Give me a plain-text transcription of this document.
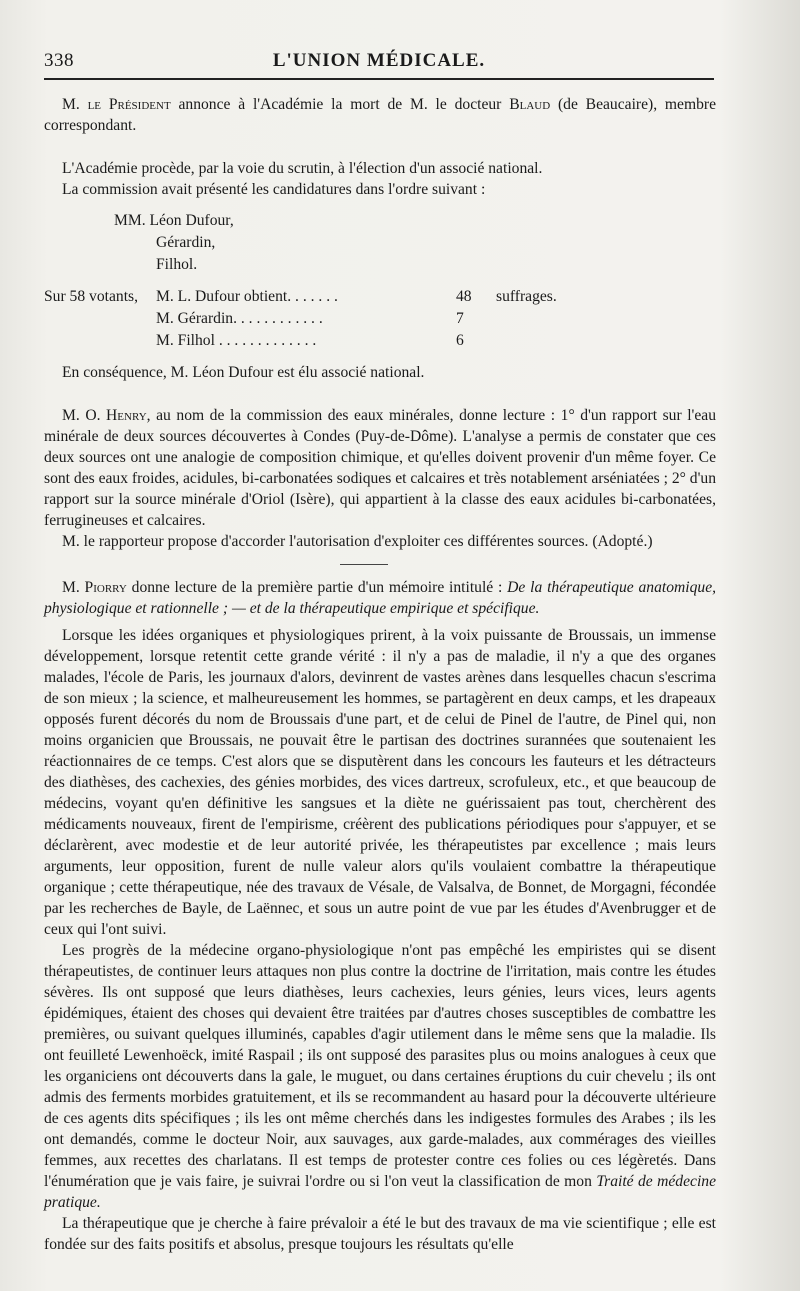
338	L'UNION MÉDICALE.

M. le Président annonce à l'Académie la mort de M. le docteur Blaud (de Beaucaire), membre correspondant.

L'Académie procède, par la voie du scrutin, à l'élection d'un associé national.

La commission avait présenté les candidatures dans l'ordre suivant :

MM. Léon Dufour,
Gérardin,
Filhol.
Sur 58 votants,	M. L. Dufour obtient. . . . . . .	48	suffrages.
M. Gérardin. . . . . . . . . . . .	7
M. Filhol . . . . . . . . . . . . .	6

En conséquence, M. Léon Dufour est élu associé national.

M. O. Henry, au nom de la commission des eaux minérales, donne lecture : 1° d'un rapport sur l'eau minérale de deux sources découvertes à Condes (Puy-de-Dôme). L'analyse a permis de constater que ces deux sources ont une analogie de composition chimique, et qu'elles doivent provenir d'un même foyer. Ce sont des eaux froides, acidules, bi-carbonatées sodiques et calcaires et très notablement arséniatées ; 2° d'un rapport sur la source minérale d'Oriol (Isère), qui appartient à la classe des eaux acidules bi-carbonatées, ferrugineuses et calcaires.

M. le rapporteur propose d'accorder l'autorisation d'exploiter ces différentes sources. (Adopté.)

M. Piorry donne lecture de la première partie d'un mémoire intitulé : De la thérapeutique anatomique, physiologique et rationnelle ; — et de la thérapeutique empirique et spécifique.

Lorsque les idées organiques et physiologiques prirent, à la voix puissante de Broussais, un immense développement, lorsque retentit cette grande vérité : il n'y a pas de maladie, il n'y a que des organes malades, l'école de Paris, les journaux d'alors, devinrent de vastes arènes dans lesquelles chacun s'escrima de son mieux ; la science, et malheureusement les hommes, se partagèrent en deux camps, et les drapeaux opposés furent décorés du nom de Broussais d'une part, et de celui de Pinel de l'autre, de Pinel qui, non moins organicien que Broussais, ne pouvait être le partisan des doctrines surannées que soutenaient les réactionnaires de ce temps. C'est alors que se disputèrent dans les concours les fauteurs et les détracteurs des diathèses, des cachexies, des génies morbides, des vices dartreux, scrofuleux, etc., et que beaucoup de médecins, voyant qu'en définitive les sangsues et la diète ne guérissaient pas tout, cherchèrent des médicaments nouveaux, firent de l'empirisme, créèrent des publications périodiques pour s'appuyer, et se déclarèrent, avec modestie et de leur autorité privée, les thérapeutistes par excellence ; mais leurs arguments, leur opposition, furent de nulle valeur alors qu'ils voulaient combattre la thérapeutique organique ; cette thérapeutique, née des travaux de Vésale, de Valsalva, de Bonnet, de Morgagni, fécondée par les recherches de Bayle, de Laënnec, et sous un autre point de vue par les études d'Avenbrugger et de ceux qui l'ont suivi.

Les progrès de la médecine organo-physiologique n'ont pas empêché les empiristes qui se disent thérapeutistes, de continuer leurs attaques non plus contre la doctrine de l'irritation, mais contre les études sévères. Ils ont supposé que leurs diathèses, leurs cachexies, leurs génies, leurs vices, leurs agents épidémiques, étaient des choses qui devaient être traitées par d'autres choses susceptibles de combattre les premières, ou suivant quelques illuminés, capables d'agir utilement dans le même sens que la maladie. Ils ont feuilleté Lewenhoëck, imité Raspail ; ils ont supposé des parasites plus ou moins analogues à ceux que les organiciens ont découverts dans la gale, le muguet, ou dans certaines éruptions du cuir chevelu ; ils ont admis des ferments morbides gratuitement, et ils se recommandent au hasard pour la découverte ultérieure de ces agents dits spécifiques ; ils les ont même cherchés dans les indigestes formules des Arabes ; ils les ont demandés, comme le docteur Noir, aux sauvages, aux garde-malades, aux commérages des vieilles femmes, aux recettes des charlatans. Il est temps de protester contre ces folies ou ces légèretés. Dans l'énumération que je vais faire, je suivrai l'ordre ou si l'on veut la classification de mon Traité de médecine pratique.

La thérapeutique que je cherche à faire prévaloir a été le but des travaux de ma vie scientifique ; elle est fondée sur des faits positifs et absolus, presque toujours les résultats qu'elle
